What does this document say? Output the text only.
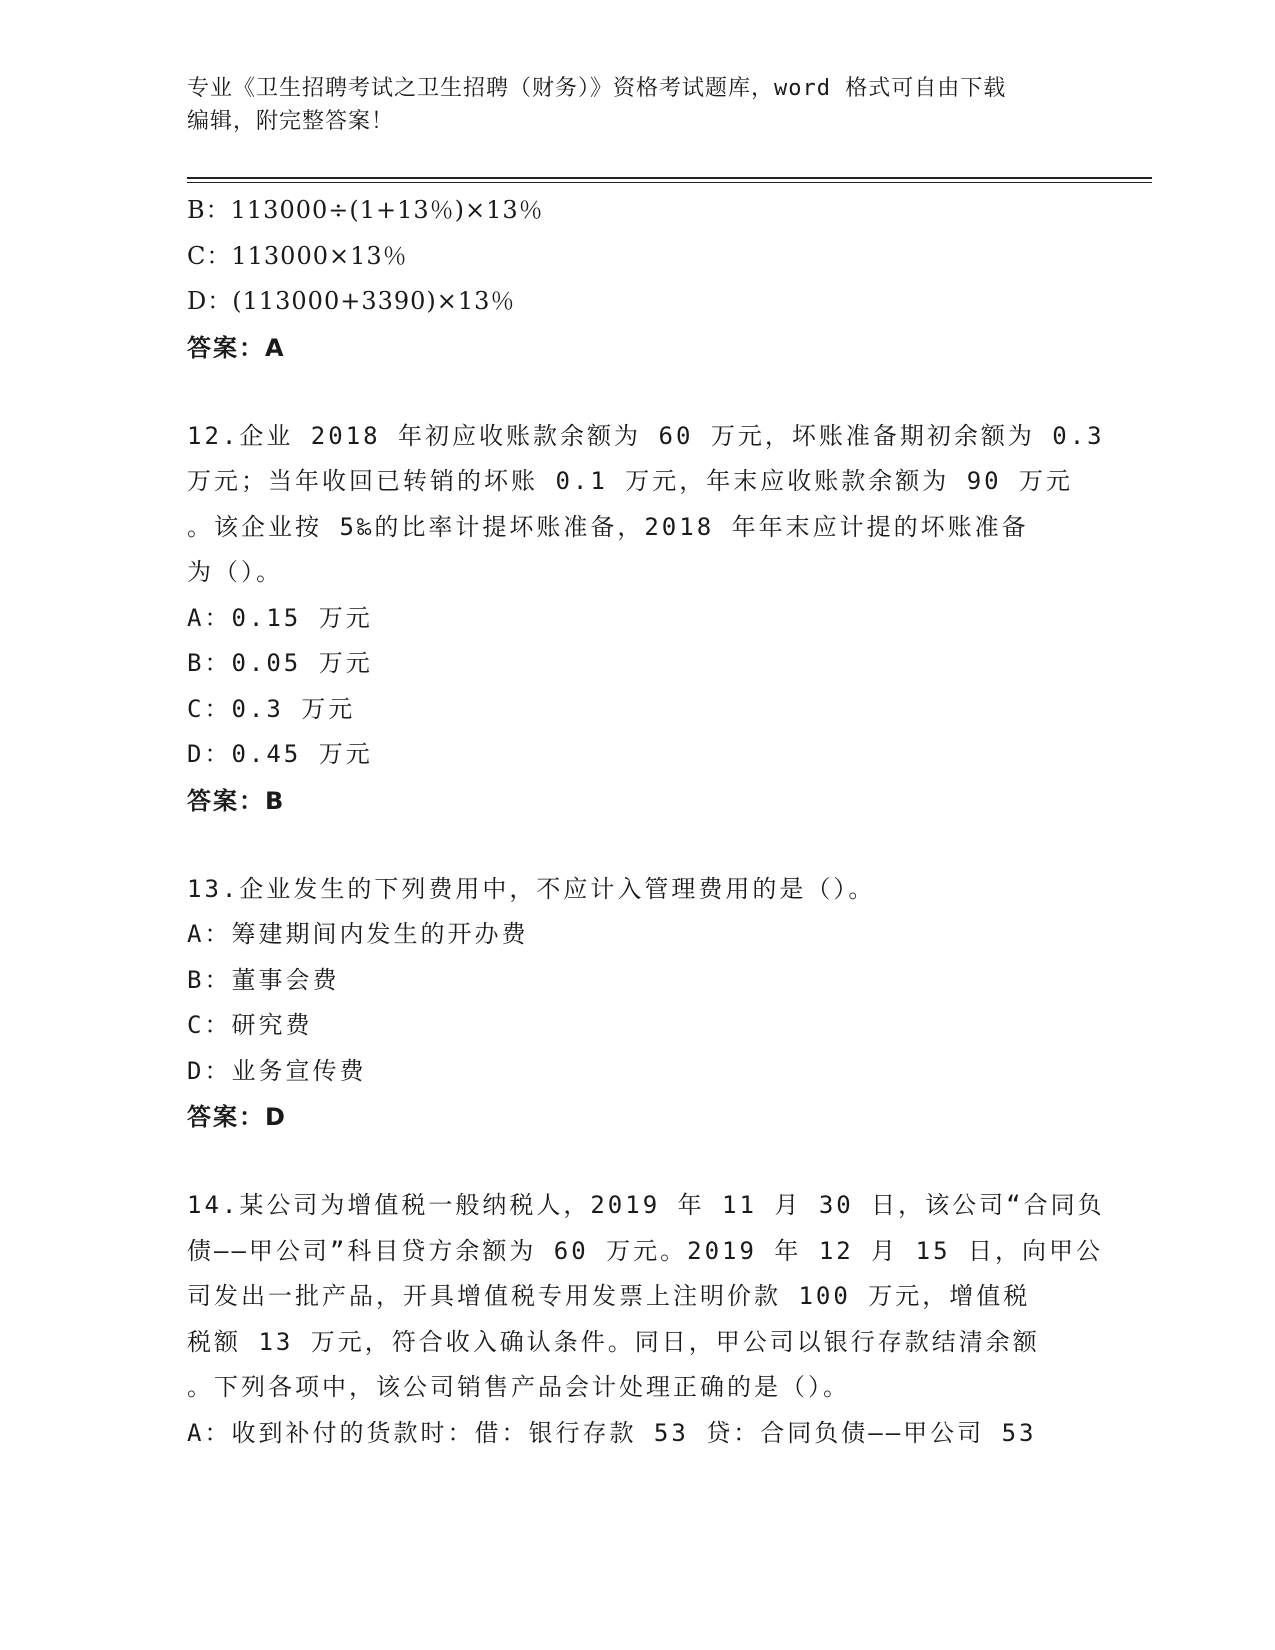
专业《卫生招聘考试之卫生招聘（财务）》资格考试题库，word 格式可自由下载
编辑，附完整答案！
B：113000÷(1+13％)×13％
C：113000×13％
D：(113000+3390)×13％
答案：A
12.企业 2018 年初应收账款余额为 60 万元，坏账准备期初余额为 0.3
万元；当年收回已转销的坏账 0.1 万元，年末应收账款余额为 90 万元
。该企业按 5‰的比率计提坏账准备，2018 年年末应计提的坏账准备
为（）。
A：0.15 万元
B：0.05 万元
C：0.3 万元
D：0.45 万元
答案：B
13.企业发生的下列费用中，不应计入管理费用的是（）。
A：筹建期间内发生的开办费
B：董事会费
C：研究费
D：业务宣传费
答案：D
14.某公司为增值税一般纳税人，2019 年 11 月 30 日，该公司“合同负
债——甲公司”科目贷方余额为 60 万元。2019 年 12 月 15 日，向甲公
司发出一批产品，开具增值税专用发票上注明价款 100 万元，增值税
税额 13 万元，符合收入确认条件。同日，甲公司以银行存款结清余额
。下列各项中，该公司销售产品会计处理正确的是（）。
A：收到补付的货款时：借：银行存款 53 贷：合同负债——甲公司 53
